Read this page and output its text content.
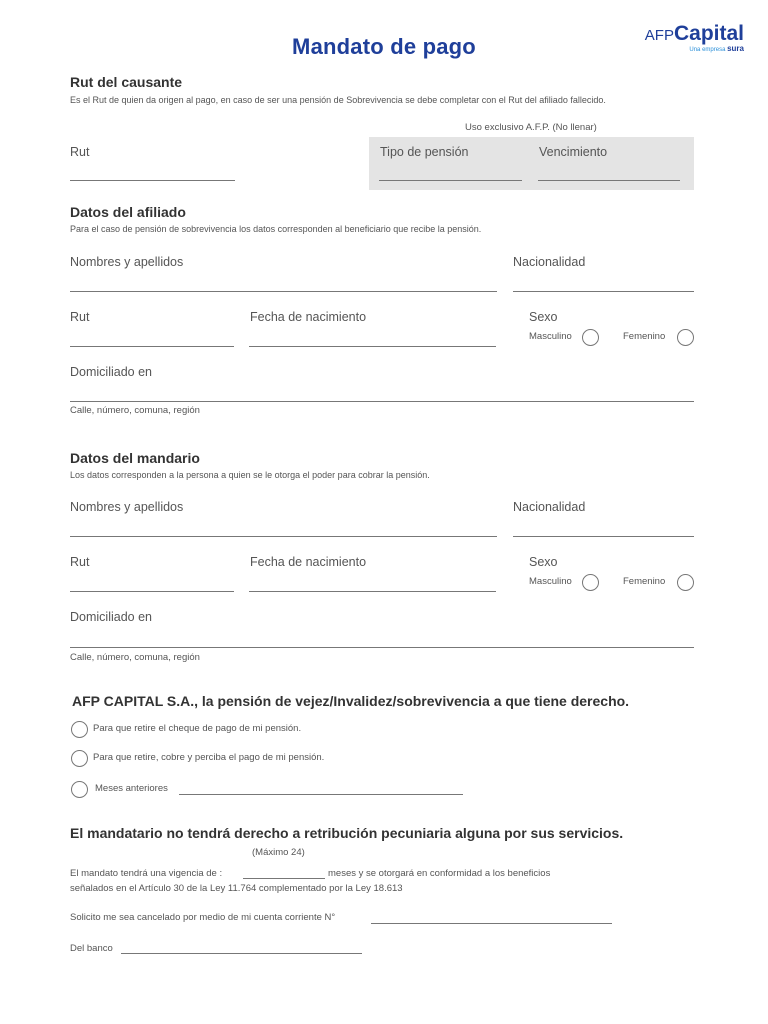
Mandato de pago	AFPCapital
Una empresa sura
Rut del causante
Es el Rut de quien da origen al pago, en caso de ser una pensión de Sobrevivencia se debe completar con el Rut del afiliado fallecido.
Uso exclusivo A.F.P. (No llenar)
Rut	Tipo de pensión	Vencimiento
Datos del afiliado
Para el caso de pensión de sobrevivencia los datos corresponden al beneficiario que recibe la pensión.
Nombres y apellidos	Nacionalidad
Rut	Fecha de nacimiento	Sexo
Masculino	Femenino
Domiciliado en
Calle, número, comuna, región
Datos del mandario
Los datos corresponden a la persona a quien se le otorga el poder para cobrar la pensión.
Nombres y apellidos	Nacionalidad
Rut	Fecha de nacimiento	Sexo
Masculino	Femenino
Domiciliado en
Calle, número, comuna, región
AFP CAPITAL S.A., la pensión de vejez/Invalidez/sobrevivencia a que tiene derecho.
Para que retire el cheque de pago de mi pensión.
Para que retire, cobre y perciba el pago de mi pensión.
Meses anteriores
El mandatario no tendrá derecho a retribución pecuniaria alguna por sus servicios.
(Máximo 24)
El mandato tendrá una vigencia de :	meses y se otorgará en conformidad a los beneficios
señalados en el Artículo 30 de la Ley 11.764 complementado por la Ley 18.613
Solicito me sea cancelado por medio de mi cuenta corriente N°
Del banco
